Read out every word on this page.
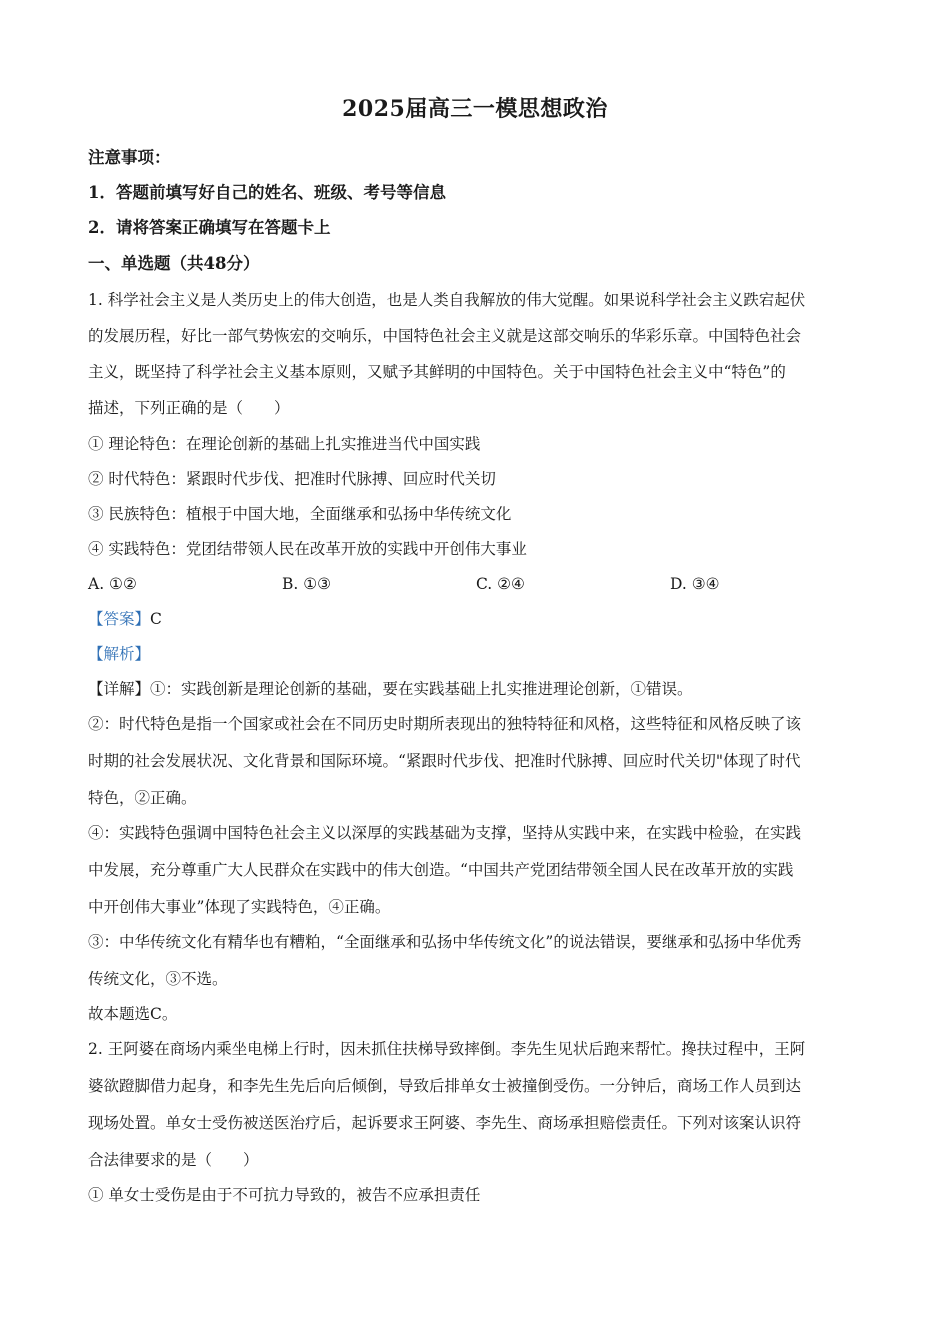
2025届高三一模思想政治
注意事项：
1．答题前填写好自己的姓名、班级、考号等信息
2．请将答案正确填写在答题卡上
一、单选题（共48分）
1. 科学社会主义是人类历史上的伟大创造，也是人类自我解放的伟大觉醒。如果说科学社会主义跌宕起伏
的发展历程，好比一部气势恢宏的交响乐，中国特色社会主义就是这部交响乐的华彩乐章。中国特色社会
主义，既坚持了科学社会主义基本原则，又赋予其鲜明的中国特色。关于中国特色社会主义中“特色”的
描述，下列正确的是（　　）
① 理论特色：在理论创新的基础上扎实推进当代中国实践
② 时代特色：紧跟时代步伐、把准时代脉搏、回应时代关切
③ 民族特色：植根于中国大地，全面继承和弘扬中华传统文化
④ 实践特色：党团结带领人民在改革开放的实践中开创伟大事业
A. ①②	B. ①③	C. ②④	D. ③④
【答案】C
【解析】
【详解】①：实践创新是理论创新的基础，要在实践基础上扎实推进理论创新，①错误。
②：时代特色是指一个国家或社会在不同历史时期所表现出的独特特征和风格，这些特征和风格反映了该
时期的社会发展状况、文化背景和国际环境。“紧跟时代步伐、把准时代脉搏、回应时代关切"体现了时代
特色，②正确。
④：实践特色强调中国特色社会主义以深厚的实践基础为支撑，坚持从实践中来，在实践中检验，在实践
中发展，充分尊重广大人民群众在实践中的伟大创造。“中国共产党团结带领全国人民在改革开放的实践
中开创伟大事业”体现了实践特色，④正确。
③：中华传统文化有精华也有糟粕，“全面继承和弘扬中华传统文化”的说法错误，要继承和弘扬中华优秀
传统文化，③不选。
故本题选C。
2. 王阿婆在商场内乘坐电梯上行时，因未抓住扶梯导致摔倒。李先生见状后跑来帮忙。搀扶过程中，王阿
婆欲蹬脚借力起身，和李先生先后向后倾倒，导致后排单女士被撞倒受伤。一分钟后，商场工作人员到达
现场处置。单女士受伤被送医治疗后，起诉要求王阿婆、李先生、商场承担赔偿责任。下列对该案认识符
合法律要求的是（　　）
① 单女士受伤是由于不可抗力导致的，被告不应承担责任
